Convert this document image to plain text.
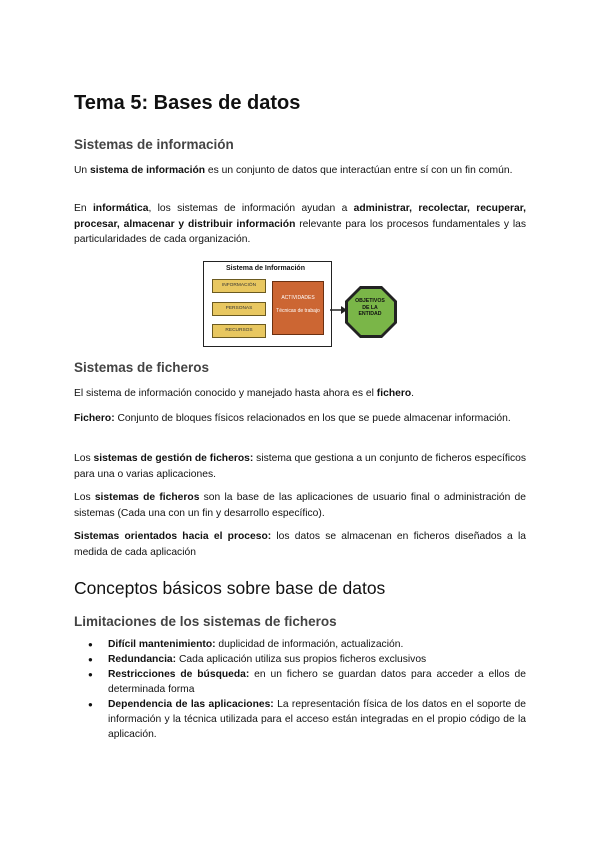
Tema 5: Bases de datos
Sistemas de información

Un sistema de información es un conjunto de datos que interactúan entre sí con un fin común.

En informática, los sistemas de información ayudan a administrar, recolectar, recuperar, procesar, almacenar y distribuir información relevante para los procesos fundamentales y las particularidades de cada organización.

Sistema de Información
INFORMACIÓN
PERSONAS
RECURSOS
ACTIVIDADES
Técnicas de trabajo
OBJETIVOS DE LA ENTIDAD
Sistemas de ficheros

El sistema de información conocido y manejado hasta ahora es el fichero.

Fichero: Conjunto de bloques físicos relacionados en los que se puede almacenar información.

Los sistemas de gestión de ficheros: sistema que gestiona a un conjunto de ficheros específicos para una o varias aplicaciones.

Los sistemas de ficheros son la base de las aplicaciones de usuario final o administración de sistemas (Cada una con un fin y desarrollo específico).

Sistemas orientados hacia el proceso: los datos se almacenan en ficheros diseñados a la medida de cada aplicación

Conceptos básicos sobre base de datos
Limitaciones de los sistemas de ficheros
● Difícil mantenimiento: duplicidad de información, actualización.
● Redundancia: Cada aplicación utiliza sus propios ficheros exclusivos
● Restricciones de búsqueda: en un fichero se guardan datos para acceder a ellos de determinada forma
● Dependencia de las aplicaciones: La representación física de los datos en el soporte de información y la técnica utilizada para el acceso están integradas en el propio código de la aplicación.
